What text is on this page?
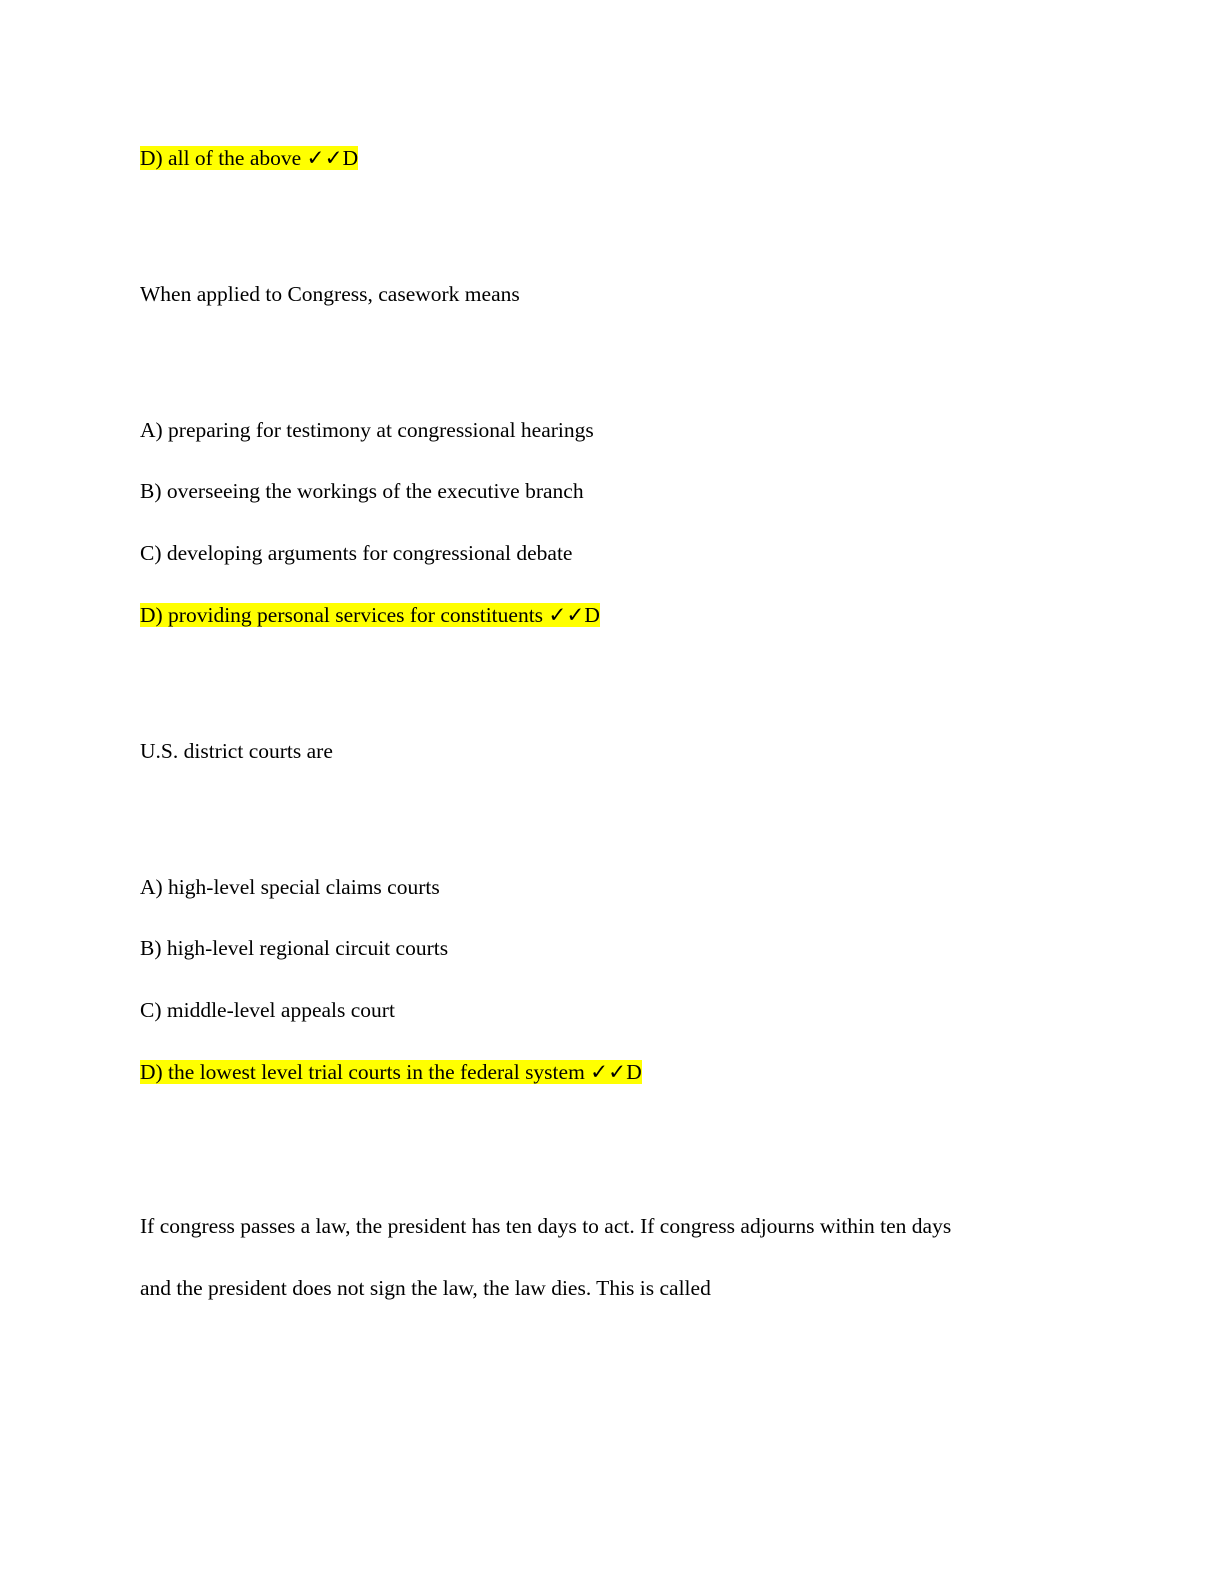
D) all of the above ✓✓D
When applied to Congress, casework means
A) preparing for testimony at congressional hearings
B) overseeing the workings of the executive branch
C) developing arguments for congressional debate
D) providing personal services for constituents ✓✓D
U.S. district courts are
A) high-level special claims courts
B) high-level regional circuit courts
C) middle-level appeals court
D) the lowest level trial courts in the federal system ✓✓D
If congress passes a law, the president has ten days to act. If congress adjourns within ten days
and the president does not sign the law, the law dies. This is called
